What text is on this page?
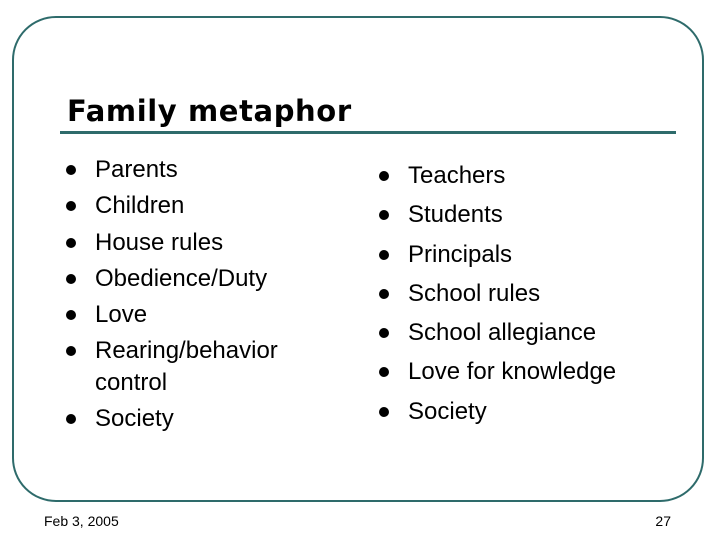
Family metaphor
Parents
Children
House rules
Obedience/Duty
Love
Rearing/behavior control
Society
Teachers
Students
Principals
School rules
School allegiance
Love for knowledge
Society
Feb 3, 2005	27
